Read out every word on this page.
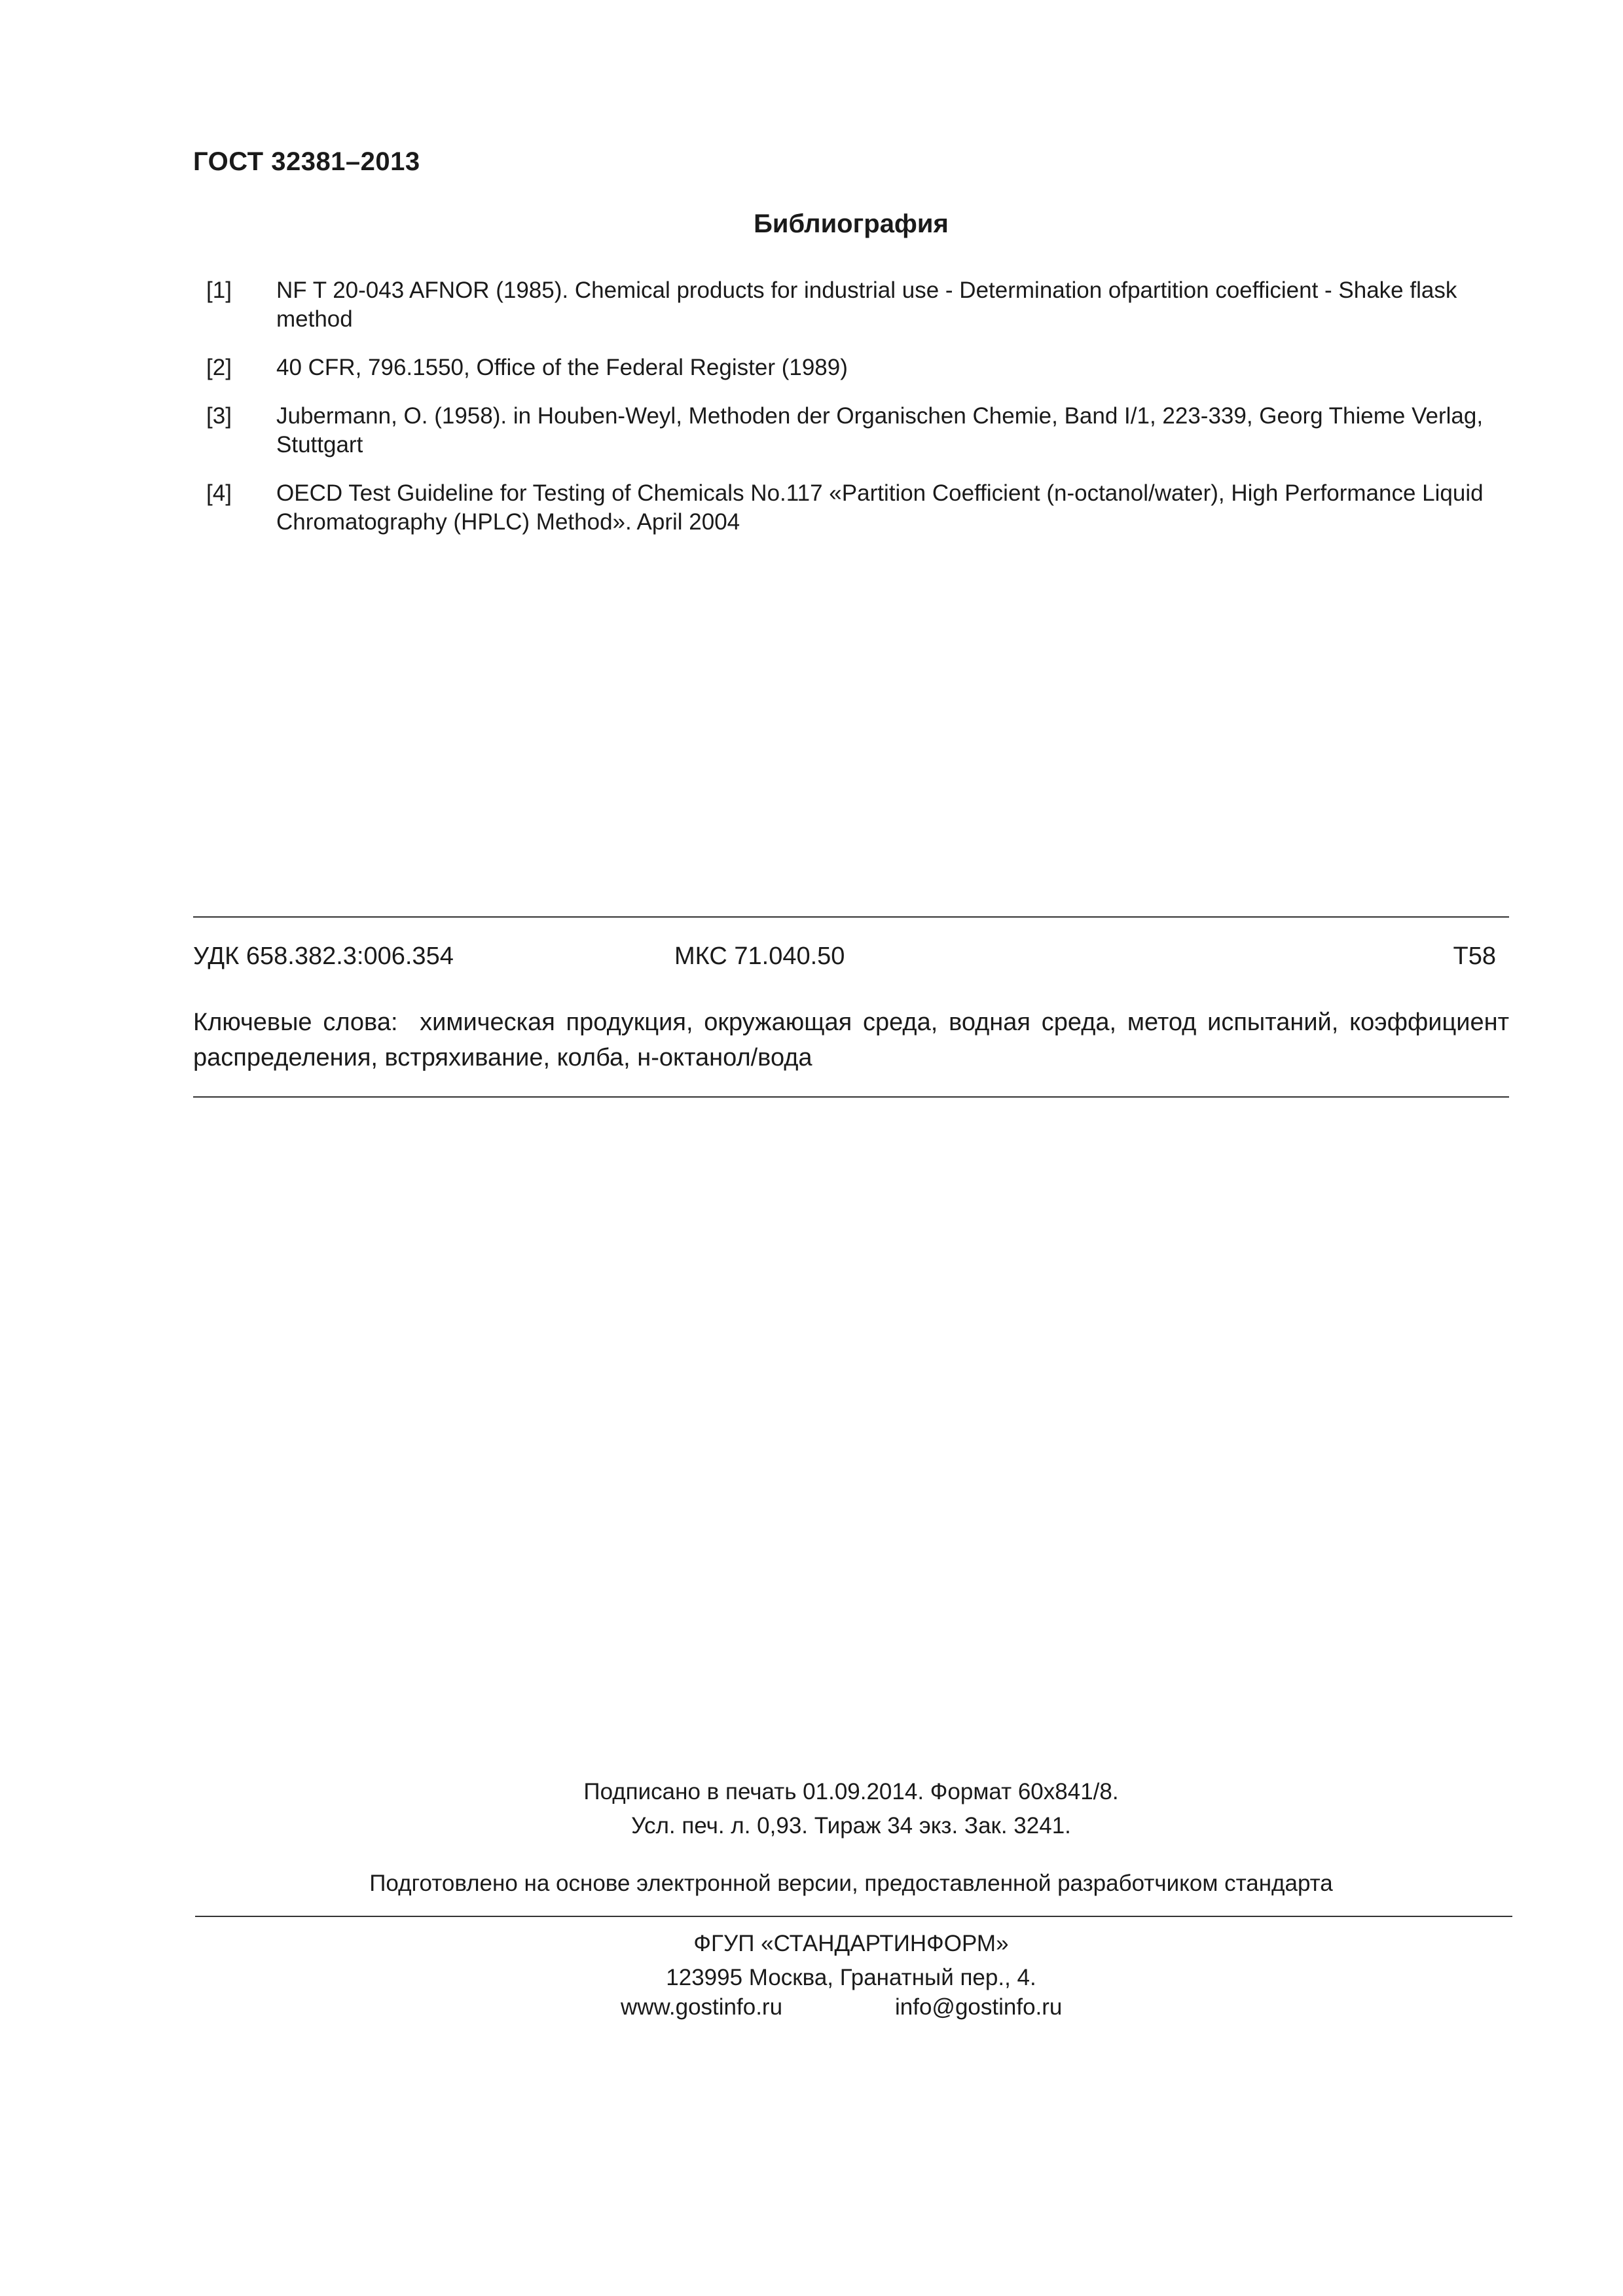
ГОСТ 32381–2013
Библиография
[1]	NF T 20-043 AFNOR (1985). Chemical products for industrial use - Determination ofpartition coefficient - Shake flask method
[2]	40 CFR, 796.1550, Office of the Federal Register (1989)
[3]	Jubermann, O. (1958). in Houben-Weyl, Methoden der Organischen Chemie, Band I/1, 223-339, Georg Thieme Verlag, Stuttgart
[4]	OECD Test Guideline for Testing of Chemicals No.117 «Partition Coefficient (n-octanol/water), High Performance Liquid Chromatography (HPLC) Method». April 2004
УДК 658.382.3:006.354	МКС 71.040.50	Т58
Ключевые слова: химическая продукция, окружающая среда, водная среда, метод испытаний, коэффициент распределения, встряхивание, колба, н-октанол/вода
Подписано в печать 01.09.2014. Формат 60x841/8.
Усл. печ. л. 0,93. Тираж 34 экз. Зак. 3241.
Подготовлено на основе электронной версии, предоставленной разработчиком стандарта
ФГУП «СТАНДАРТИНФОРМ»
123995 Москва, Гранатный пер., 4.
www.gostinfo.ru	info@gostinfo.ru
